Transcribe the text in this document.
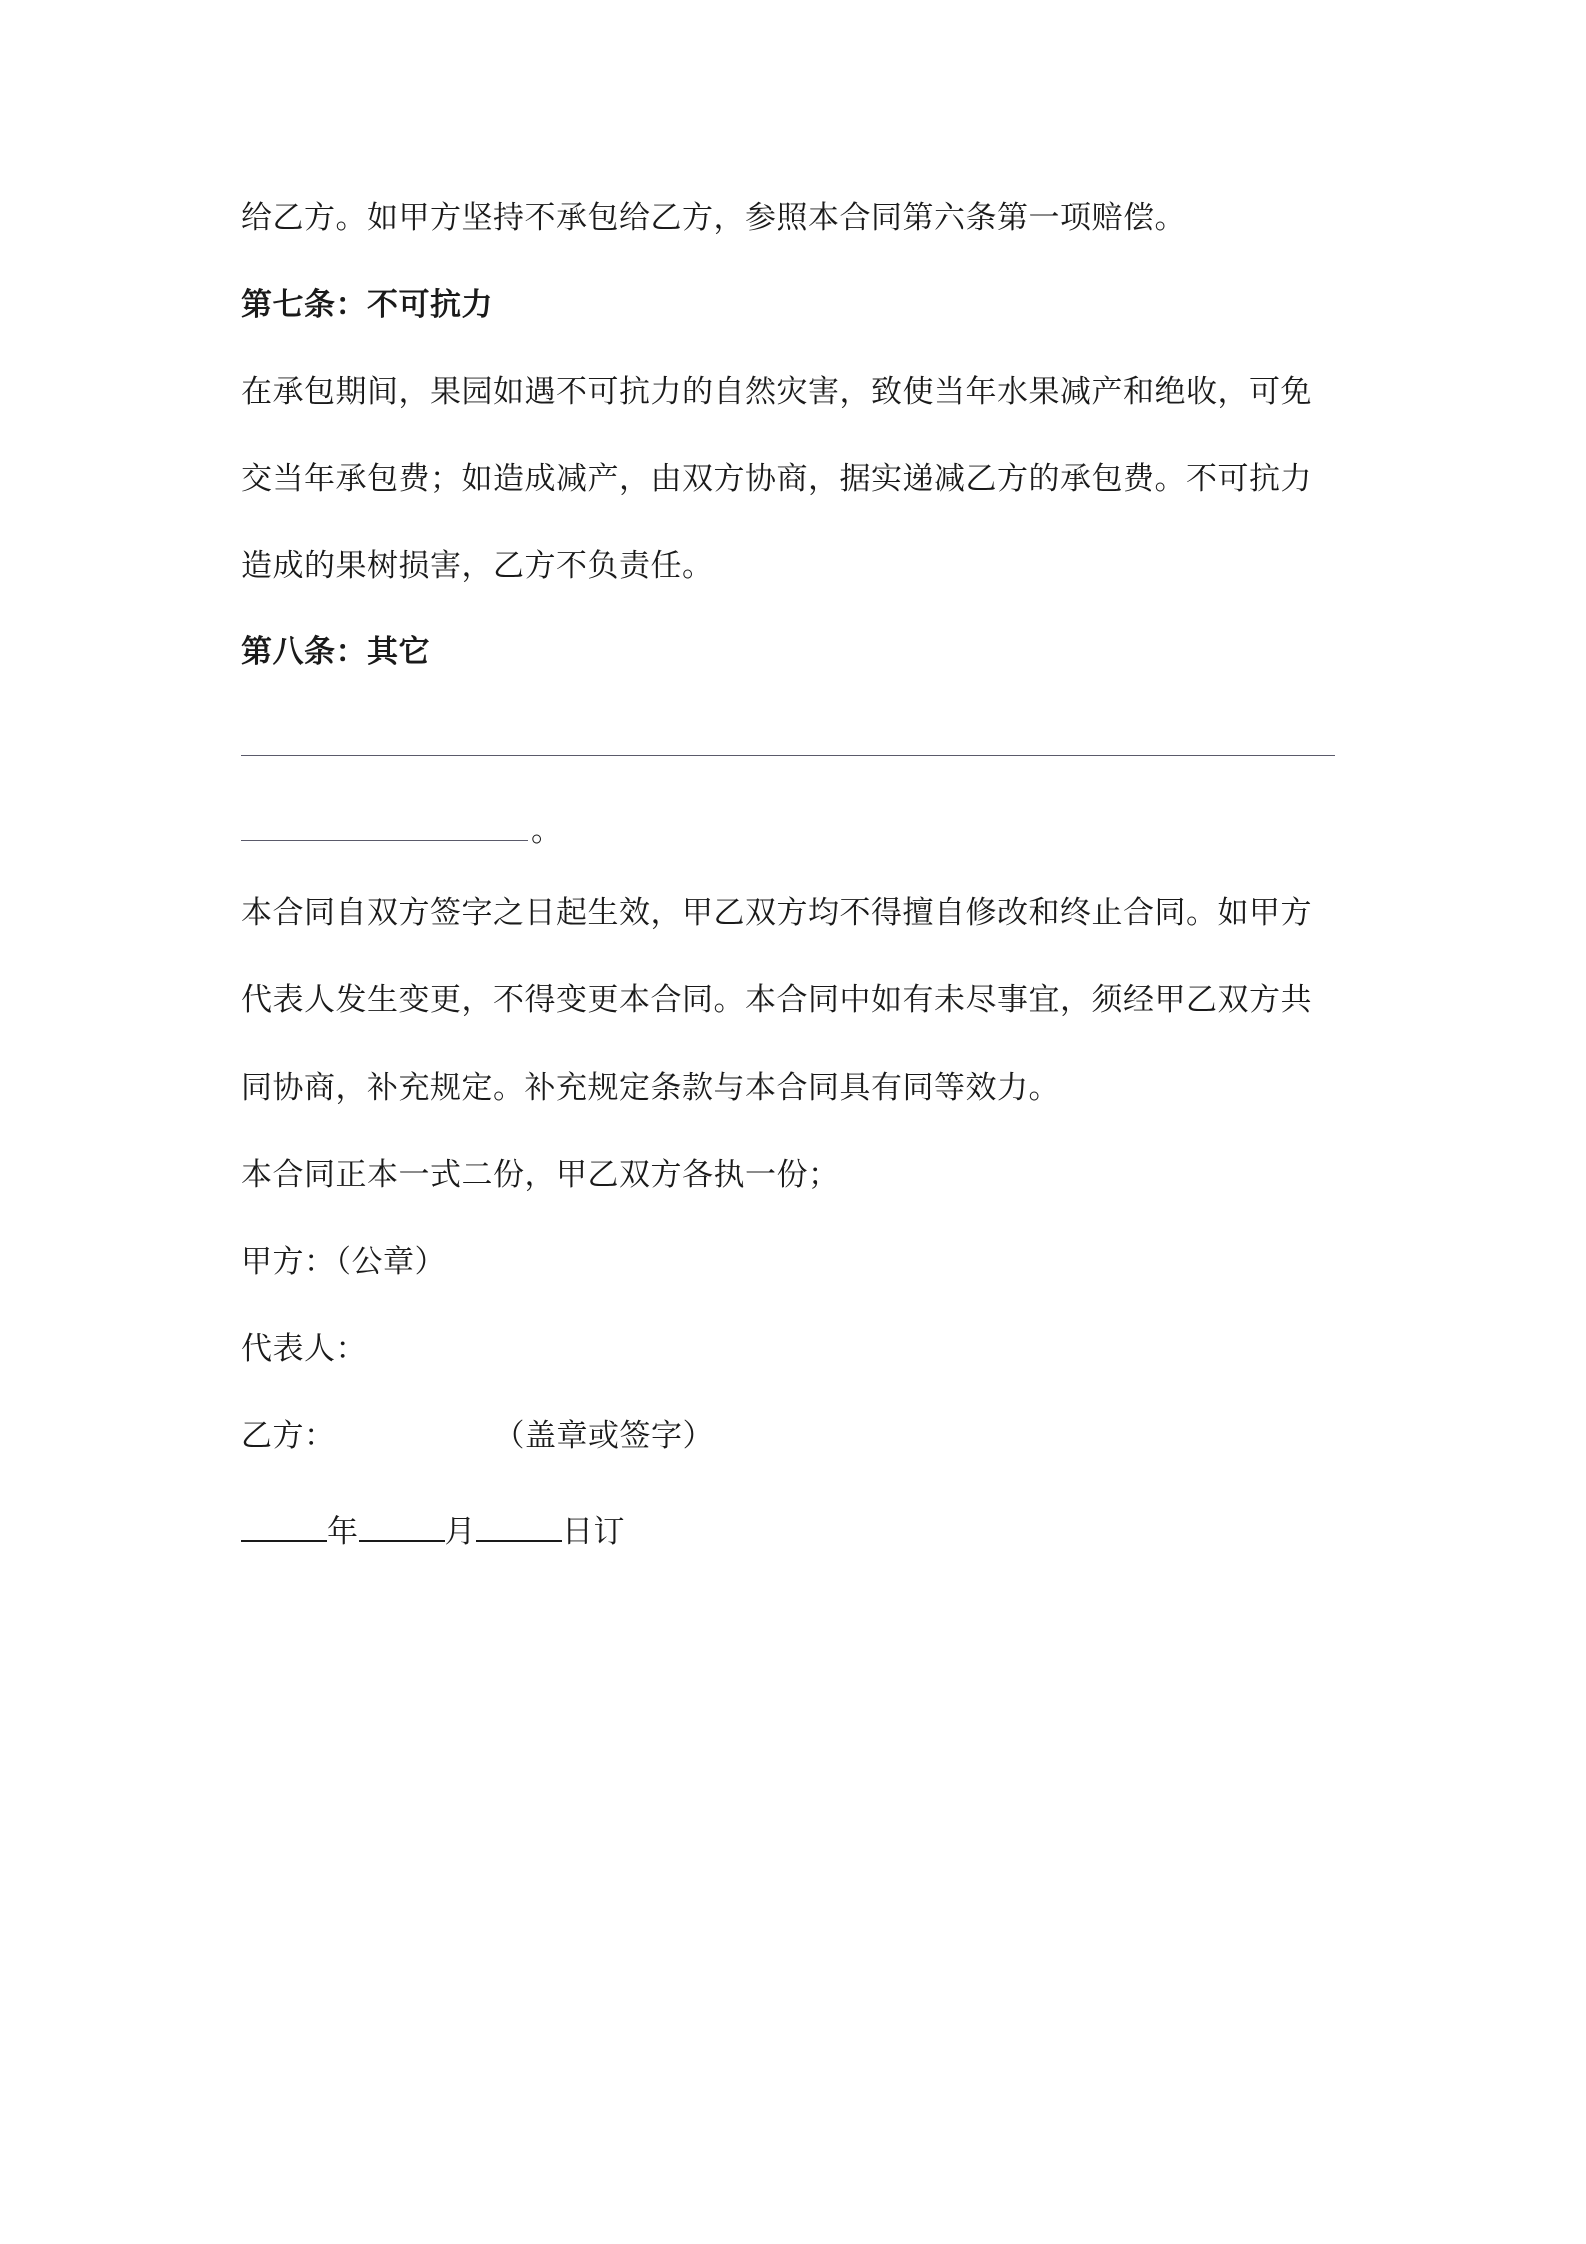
给乙方。如甲方坚持不承包给乙方，参照本合同第六条第一项赔偿。
第七条：不可抗力
在承包期间，果园如遇不可抗力的自然灾害，致使当年水果减产和绝收，可免
交当年承包费；如造成减产，由双方协商，据实递减乙方的承包费。不可抗力
造成的果树损害，乙方不负责任。
第八条：其它
。
本合同自双方签字之日起生效，甲乙双方均不得擅自修改和终止合同。如甲方
代表人发生变更，不得变更本合同。本合同中如有未尽事宜，须经甲乙双方共
同协商，补充规定。补充规定条款与本合同具有同等效力。
本合同正本一式二份，甲乙双方各执一份；
甲方：（公章）
代表人：
乙方：	（盖章或签字）
年	月	日订
